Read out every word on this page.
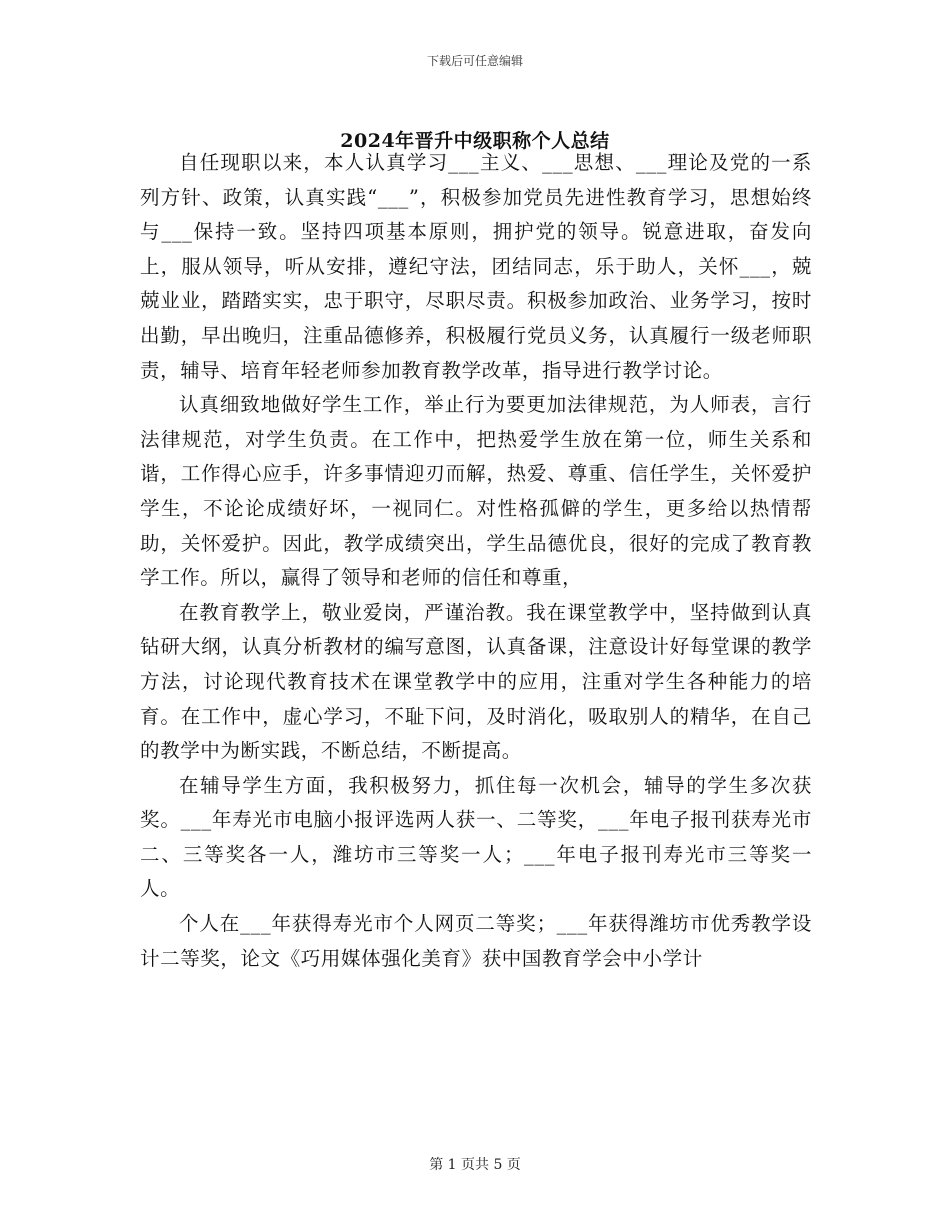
下载后可任意编辑
2024年晋升中级职称个人总结

自任现职以来，本人认真学习___主义、___思想、___理论及党的一系列方针、政策，认真实践“___”，积极参加党员先进性教育学习，思想始终与___保持一致。坚持四项基本原则，拥护党的领导。锐意进取，奋发向上，服从领导，听从安排，遵纪守法，团结同志，乐于助人，关怀___，兢兢业业，踏踏实实，忠于职守，尽职尽责。积极参加政治、业务学习，按时出勤，早出晚归，注重品德修养，积极履行党员义务，认真履行一级老师职责，辅导、培育年轻老师参加教育教学改革，指导进行教学讨论。

认真细致地做好学生工作，举止行为要更加法律规范，为人师表，言行法律规范，对学生负责。在工作中，把热爱学生放在第一位，师生关系和谐，工作得心应手，许多事情迎刃而解，热爱、尊重、信任学生，关怀爱护学生，不论论成绩好坏，一视同仁。对性格孤僻的学生，更多给以热情帮助，关怀爱护。因此，教学成绩突出，学生品德优良，很好的完成了教育教学工作。所以，赢得了领导和老师的信任和尊重，

在教育教学上，敬业爱岗，严谨治教。我在课堂教学中，坚持做到认真钻研大纲，认真分析教材的编写意图，认真备课，注意设计好每堂课的教学方法，讨论现代教育技术在课堂教学中的应用，注重对学生各种能力的培育。在工作中，虚心学习，不耻下问，及时消化，吸取别人的精华，在自己的教学中为断实践，不断总结，不断提高。

在辅导学生方面，我积极努力，抓住每一次机会，辅导的学生多次获奖。___年寿光市电脑小报评选两人获一、二等奖，___年电子报刊获寿光市二、三等奖各一人，潍坊市三等奖一人；___年电子报刊寿光市三等奖一人。

个人在___年获得寿光市个人网页二等奖；___年获得潍坊市优秀教学设计二等奖，论文《巧用媒体强化美育》获中国教育学会中小学计

第 1 页共 5 页
